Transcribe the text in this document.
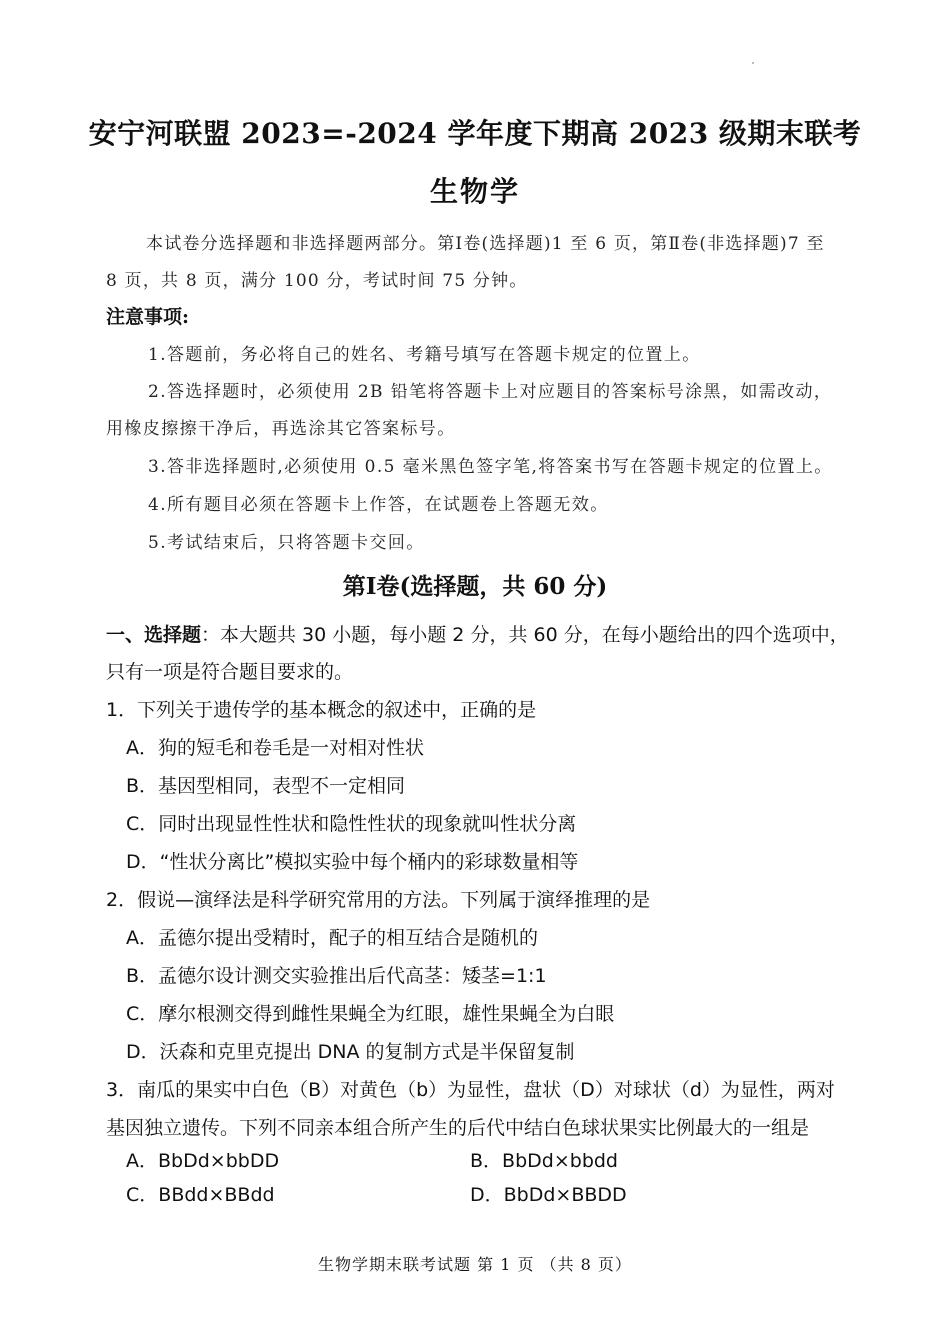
安宁河联盟 2023=-2024 学年度下期高 2023 级期末联考
生物学
本试卷分选择题和非选择题两部分。第Ⅰ卷(选择题)1 至 6 页，第Ⅱ卷(非选择题)7 至
8 页，共 8 页，满分 100 分，考试时间 75 分钟。
注意事项:
1.答题前，务必将自己的姓名、考籍号填写在答题卡规定的位置上。
2.答选择题时，必须使用 2B 铅笔将答题卡上对应题目的答案标号涂黑，如需改动，
用橡皮擦擦干净后，再选涂其它答案标号。
3.答非选择题时,必须使用 0.5 毫米黑色签字笔,将答案书写在答题卡规定的位置上。
4.所有题目必须在答题卡上作答，在试题卷上答题无效。
5.考试结束后，只将答题卡交回。
第Ⅰ卷(选择题，共 60 分)
一、选择题：本大题共 30 小题，每小题 2 分，共 60 分，在每小题给出的四个选项中，
只有一项是符合题目要求的。
1．下列关于遗传学的基本概念的叙述中，正确的是
A．狗的短毛和卷毛是一对相对性状
B．基因型相同，表型不一定相同
C．同时出现显性性状和隐性性状的现象就叫性状分离
D．“性状分离比”模拟实验中每个桶内的彩球数量相等
2．假说—演绎法是科学研究常用的方法。下列属于演绎推理的是
A．孟德尔提出受精时，配子的相互结合是随机的
B．孟德尔设计测交实验推出后代高茎：矮茎=1:1
C．摩尔根测交得到雌性果蝇全为红眼，雄性果蝇全为白眼
D．沃森和克里克提出 DNA 的复制方式是半保留复制
3．南瓜的果实中白色（B）对黄色（b）为显性，盘状（D）对球状（d）为显性，两对
基因独立遗传。下列不同亲本组合所产生的后代中结白色球状果实比例最大的一组是
A．BbDd×bbDD	B．BbDd×bbdd
C．BBdd×BBdd	D．BbDd×BBDD
生物学期末联考试题 第 1 页 （共 8 页）
